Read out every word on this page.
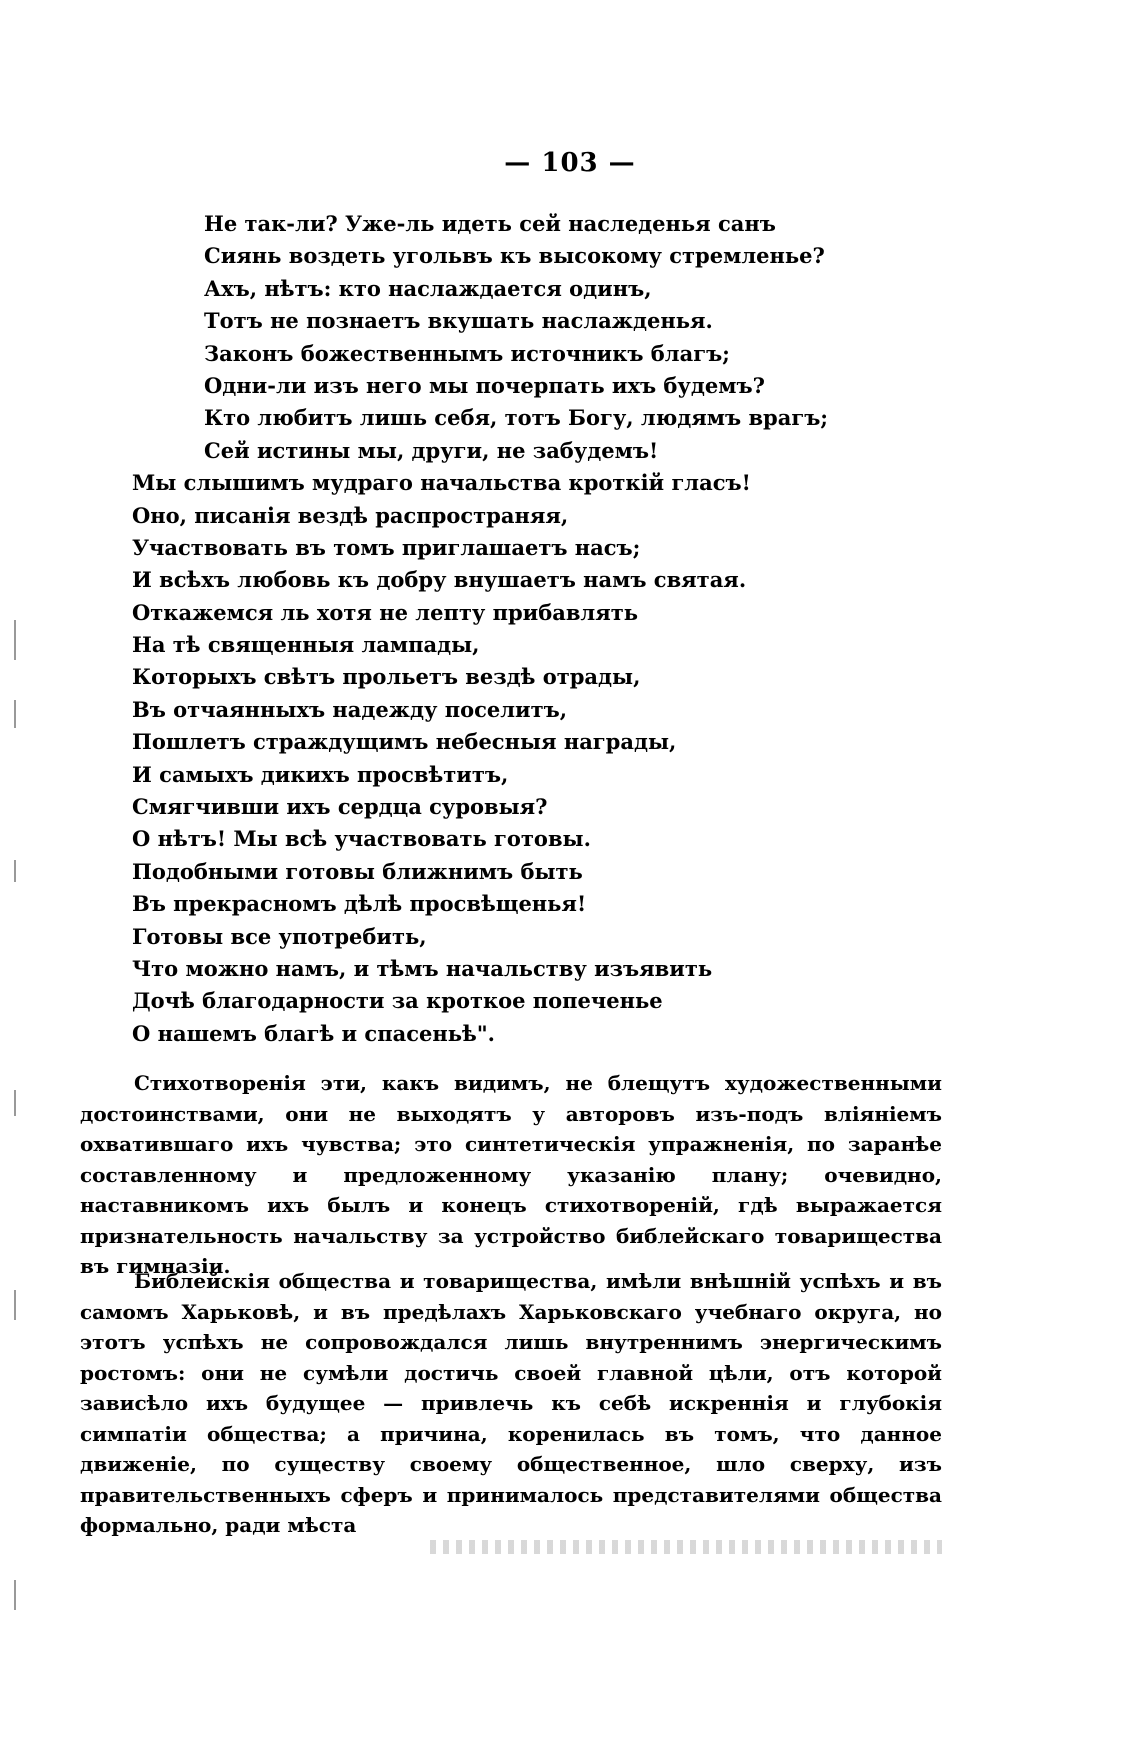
— 103 —
Не так-ли? Уже-ль идеть сей наследенья санъ
Сиянь воздеть угольвъ къ высокому стремленье?
Ахъ, нѣтъ: кто наслаждается одинъ,
Тотъ не познаетъ вкушать наслажденья.
Законъ божественнымъ источникъ благъ;
Одни-ли изъ него мы почерпать ихъ будемъ?
Кто любитъ лишь себя, тотъ Богу, людямъ врагъ;
Сей истины мы, други, не забудемъ!
Мы слышимъ мудраго начальства кроткій гласъ!
Оно, писанія вездѣ распространяя,
Участвовать въ томъ приглашаетъ насъ;
И всѣхъ любовь къ добру внушаетъ намъ святая.
Откажемся ль хотя не лепту прибавлять
На тѣ священныя лампады,
Которыхъ свѣтъ прольетъ вездѣ отрады,
Въ отчаянныхъ надежду поселитъ,
Пошлетъ страждущимъ небесныя награды,
И самыхъ дикихъ просвѣтитъ,
Смягчивши ихъ сердца суровыя?
О нѣтъ! Мы всѣ участвовать готовы.
Подобными готовы ближнимъ быть
Въ прекрасномъ дѣлѣ просвѣщенья!
Готовы все употребить,
Что можно намъ, и тѣмъ начальству изъявить
Дочѣ благодарности за кроткое попеченье
О нашемъ благѣ и спасеньѣ".

Стихотворенія эти, какъ видимъ, не блещутъ художественными достоинствами, они не выходятъ у авторовъ изъ-подъ вліяніемъ охватившаго ихъ чувства; это синтетическія упражненія, по заранѣе составленному и предложенному указанію плану; очевидно, наставникомъ ихъ былъ и конецъ стихотвореній, гдѣ выражается признательность начальству за устройство библейскаго товарищества въ гимназіи.

Библейскія общества и товарищества, имѣли внѣшній успѣхъ и въ самомъ Харьковѣ, и въ предѣлахъ Харьковскаго учебнаго округа, но этотъ успѣхъ не сопровождался лишь внутреннимъ энергическимъ ростомъ: они не сумѣли достичь своей главной цѣли, отъ которой зависѣло ихъ будущее — привлечь къ себѣ искреннія и глубокія симпатіи общества; а причина, коренилась въ томъ, что данное движеніе, по существу своему общественное, шло сверху, изъ правительственныхъ сферъ и принималось представителями общества формально, ради мѣста
